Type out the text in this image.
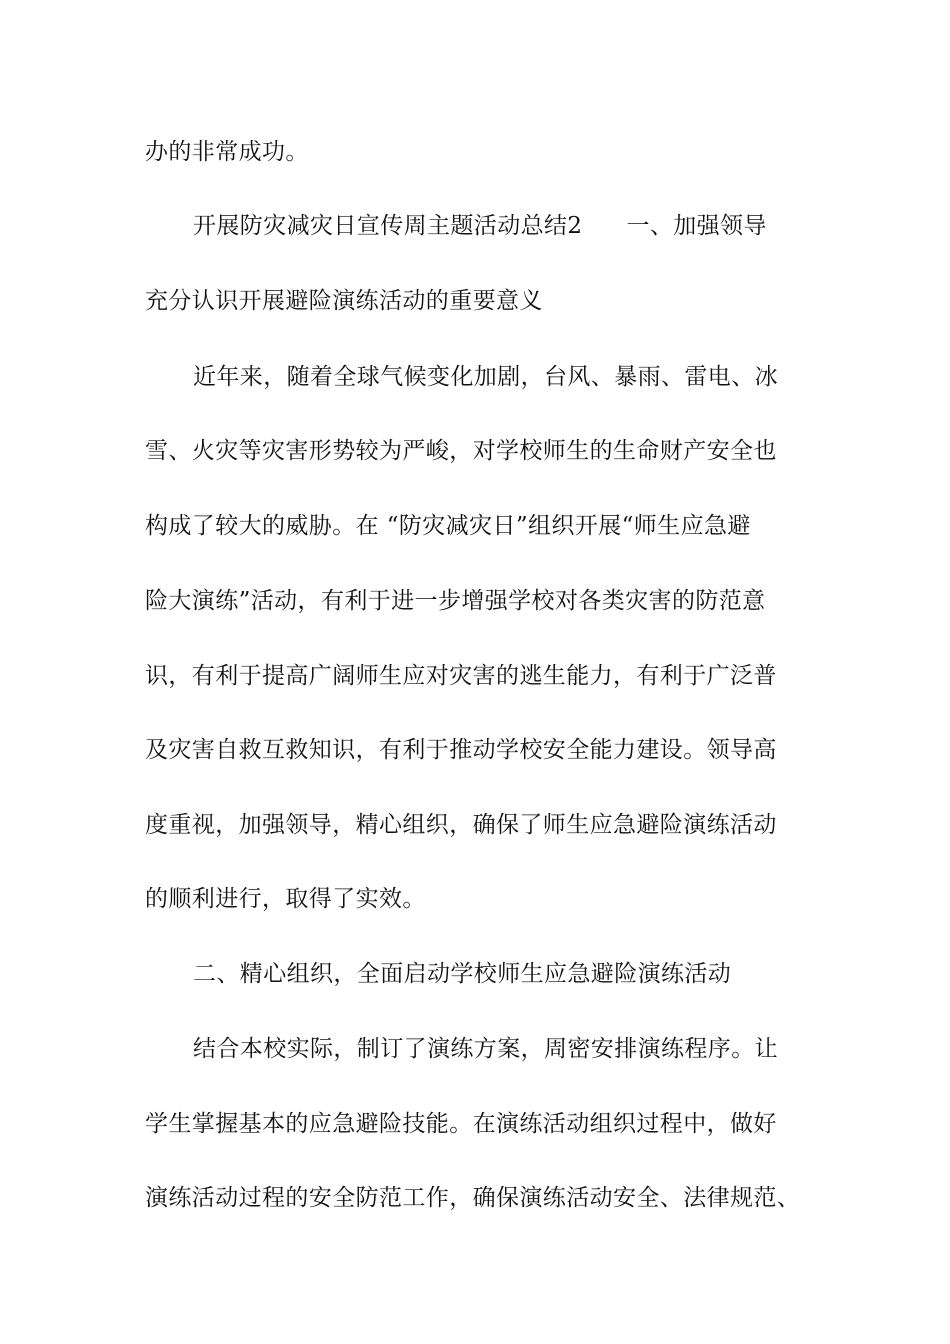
办的非常成功。
开展防灾减灾日宣传周主题活动总结2 一、加强领导
充分认识开展避险演练活动的重要意义
近年来，随着全球气候变化加剧，台风、暴雨、雷电、冰
雪、火灾等灾害形势较为严峻，对学校师生的生命财产安全也
构成了较大的威胁。在 “防灾减灾日”组织开展“师生应急避
险大演练”活动，有利于进一步增强学校对各类灾害的防范意
识，有利于提高广阔师生应对灾害的逃生能力，有利于广泛普
及灾害自救互救知识，有利于推动学校安全能力建设。领导高
度重视，加强领导，精心组织，确保了师生应急避险演练活动
的顺利进行，取得了实效。
二、精心组织，全面启动学校师生应急避险演练活动
结合本校实际，制订了演练方案，周密安排演练程序。让
学生掌握基本的应急避险技能。在演练活动组织过程中，做好
演练活动过程的安全防范工作，确保演练活动安全、法律规范、
